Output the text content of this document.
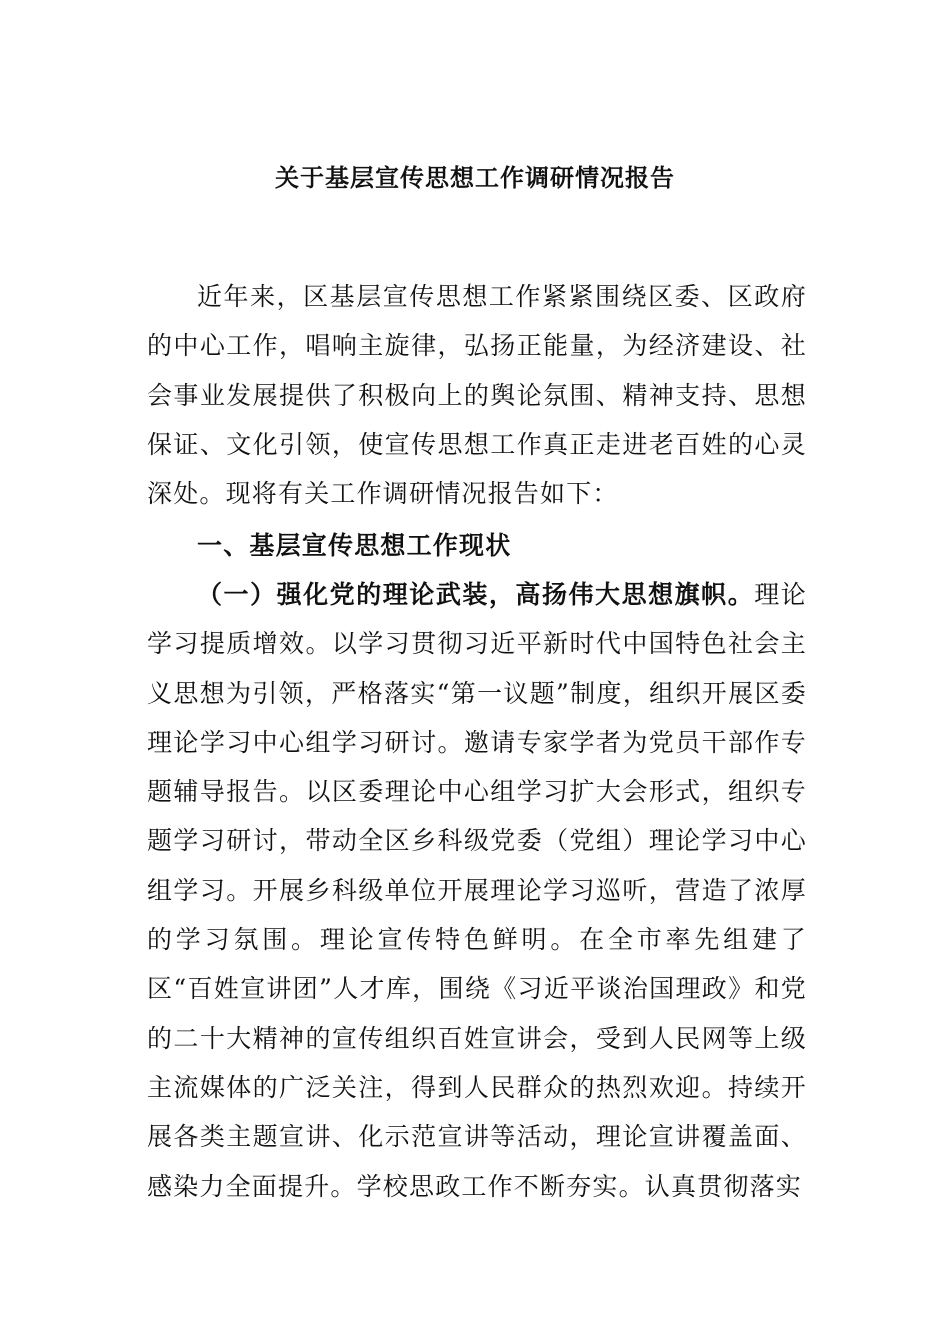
关于基层宣传思想工作调研情况报告

近年来，区基层宣传思想工作紧紧围绕区委、区政府的中心工作，唱响主旋律，弘扬正能量，为经济建设、社会事业发展提供了积极向上的舆论氛围、精神支持、思想保证、文化引领，使宣传思想工作真正走进老百姓的心灵深处。现将有关工作调研情况报告如下：

一、基层宣传思想工作现状

（一）强化党的理论武装，高扬伟大思想旗帜。理论学习提质增效。以学习贯彻习近平新时代中国特色社会主义思想为引领，严格落实“第一议题”制度，组织开展区委理论学习中心组学习研讨。邀请专家学者为党员干部作专题辅导报告。以区委理论中心组学习扩大会形式，组织专题学习研讨，带动全区乡科级党委（党组）理论学习中心组学习。开展乡科级单位开展理论学习巡听，营造了浓厚的学习氛围。理论宣传特色鲜明。在全市率先组建了区“百姓宣讲团”人才库，围绕《习近平谈治国理政》和党的二十大精神的宣传组织百姓宣讲会，受到人民网等上级主流媒体的广泛关注，得到人民群众的热烈欢迎。持续开展各类主题宣讲、化示范宣讲等活动，理论宣讲覆盖面、感染力全面提升。学校思政工作不断夯实。认真贯彻落实
